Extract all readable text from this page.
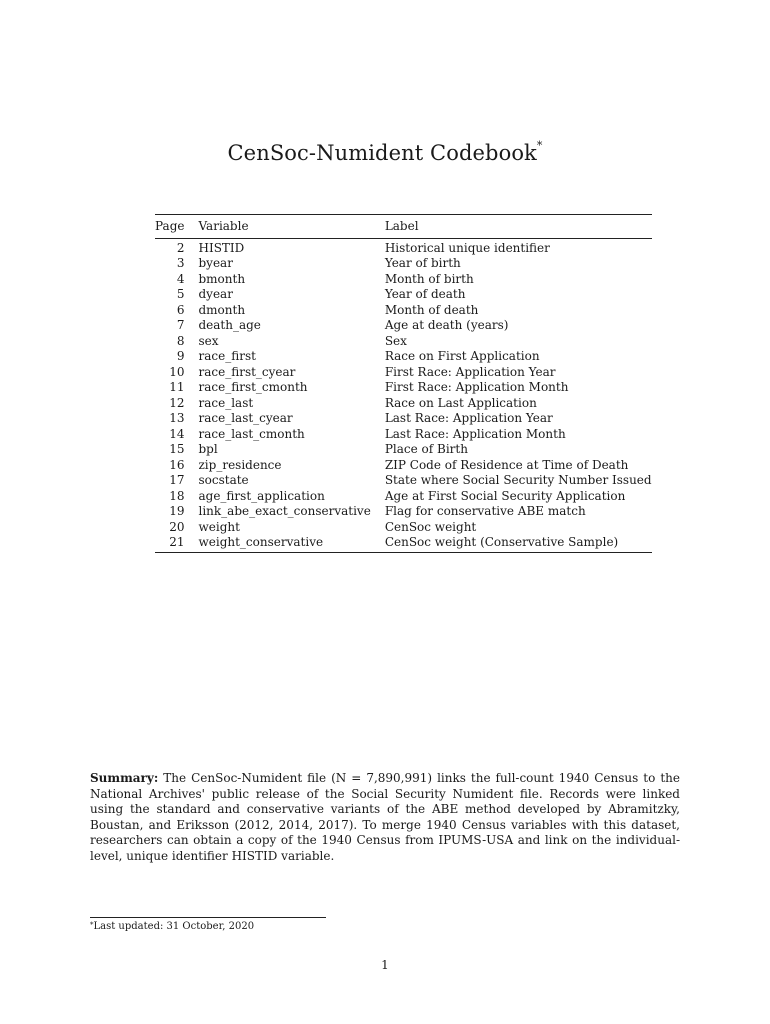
CenSoc-Numident Codebook*
Page	Variable	Label
2	HISTID	Historical unique identifier
3	byear	Year of birth
4	bmonth	Month of birth
5	dyear	Year of death
6	dmonth	Month of death
7	death_age	Age at death (years)
8	sex	Sex
9	race_first	Race on First Application
10	race_first_cyear	First Race: Application Year
11	race_first_cmonth	First Race: Application Month
12	race_last	Race on Last Application
13	race_last_cyear	Last Race: Application Year
14	race_last_cmonth	Last Race: Application Month
15	bpl	Place of Birth
16	zip_residence	ZIP Code of Residence at Time of Death
17	socstate	State where Social Security Number Issued
18	age_first_application	Age at First Social Security Application
19	link_abe_exact_conservative	Flag for conservative ABE match
20	weight	CenSoc weight
21	weight_conservative	CenSoc weight (Conservative Sample)
Summary: The CenSoc-Numident file (N = 7,890,991) links the full-count 1940 Census to the National Archives' public release of the Social Security Numident file. Records were linked using the standard and conservative variants of the ABE method developed by Abramitzky, Boustan, and Eriksson (2012, 2014, 2017). To merge 1940 Census variables with this dataset, researchers can obtain a copy of the 1940 Census from IPUMS-USA and link on the individual-level, unique identifier HISTID variable.
*Last updated: 31 October, 2020
1
